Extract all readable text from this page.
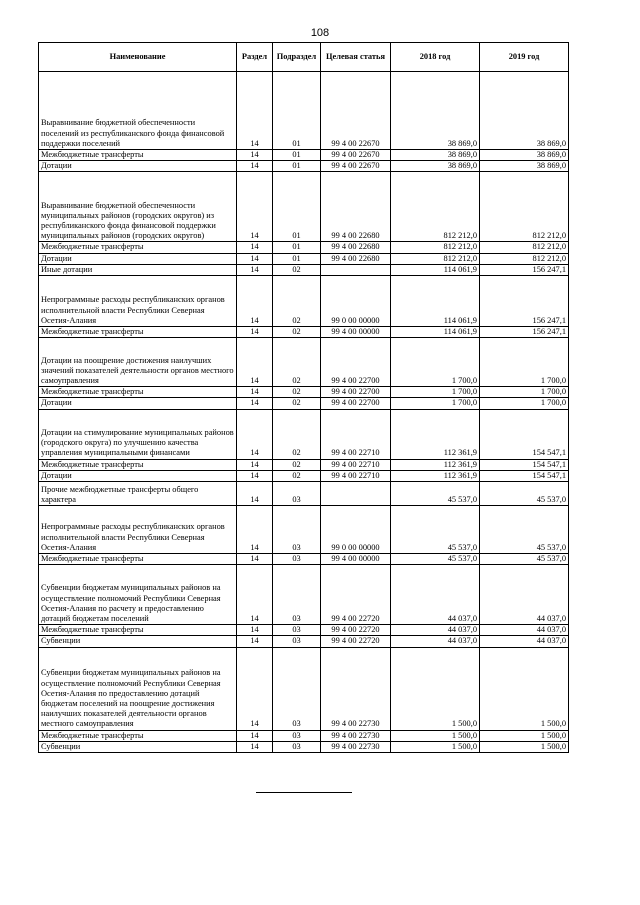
108
Наименование	Раздел	Подраздел	Целевая статья	2018 год	2019 год
Выравнивание бюджетной обеспеченности поселений из республиканского фонда финансовой поддержки поселений	14	01	99 4 00 22670	38 869,0	38 869,0
Межбюджетные трансферты	14	01	99 4 00 22670	38 869,0	38 869,0
Дотации	14	01	99 4 00 22670	38 869,0	38 869,0
Выравнивание бюджетной обеспеченности муниципальных районов (городских округов) из республиканского фонда финансовой поддержки муниципальных районов (городских округов)	14	01	99 4 00 22680	812 212,0	812 212,0
Межбюджетные трансферты	14	01	99 4 00 22680	812 212,0	812 212,0
Дотации	14	01	99 4 00 22680	812 212,0	812 212,0
Иные дотации	14	02		114 061,9	156 247,1
Непрограммные расходы республиканских органов исполнительной власти Республики Северная Осетия-Алания	14	02	99 0 00 00000	114 061,9	156 247,1
Межбюджетные трансферты	14	02	99 4 00 00000	114 061,9	156 247,1
Дотации на поощрение достижения наилучших значений показателей деятельности органов местного самоуправления	14	02	99 4 00 22700	1 700,0	1 700,0
Межбюджетные трансферты	14	02	99 4 00 22700	1 700,0	1 700,0
Дотации	14	02	99 4 00 22700	1 700,0	1 700,0
Дотации на стимулирование муниципальных районов (городского округа) по улучшению качества управления муниципальными финансами	14	02	99 4 00 22710	112 361,9	154 547,1
Межбюджетные трансферты	14	02	99 4 00 22710	112 361,9	154 547,1
Дотации	14	02	99 4 00 22710	112 361,9	154 547,1
Прочие межбюджетные трансферты общего характера	14	03		45 537,0	45 537,0
Непрограммные расходы республиканских органов исполнительной власти Республики Северная Осетия-Алания	14	03	99 0 00 00000	45 537,0	45 537,0
Межбюджетные трансферты	14	03	99 4 00 00000	45 537,0	45 537,0
Субвенции бюджетам муниципальных районов на осуществление полномочий Республики Северная Осетия-Алания по расчету и предоставлению дотаций бюджетам поселений	14	03	99 4 00 22720	44 037,0	44 037,0
Межбюджетные трансферты	14	03	99 4 00 22720	44 037,0	44 037,0
Субвенции	14	03	99 4 00 22720	44 037,0	44 037,0
Субвенции бюджетам муниципальных районов на осуществление полномочий Республики Северная Осетия-Алания по предоставлению дотаций бюджетам поселений на поощрение достижения наилучших показателей деятельности органов местного самоуправления	14	03	99 4 00 22730	1 500,0	1 500,0
Межбюджетные трансферты	14	03	99 4 00 22730	1 500,0	1 500,0
Субвенции	14	03	99 4 00 22730	1 500,0	1 500,0
